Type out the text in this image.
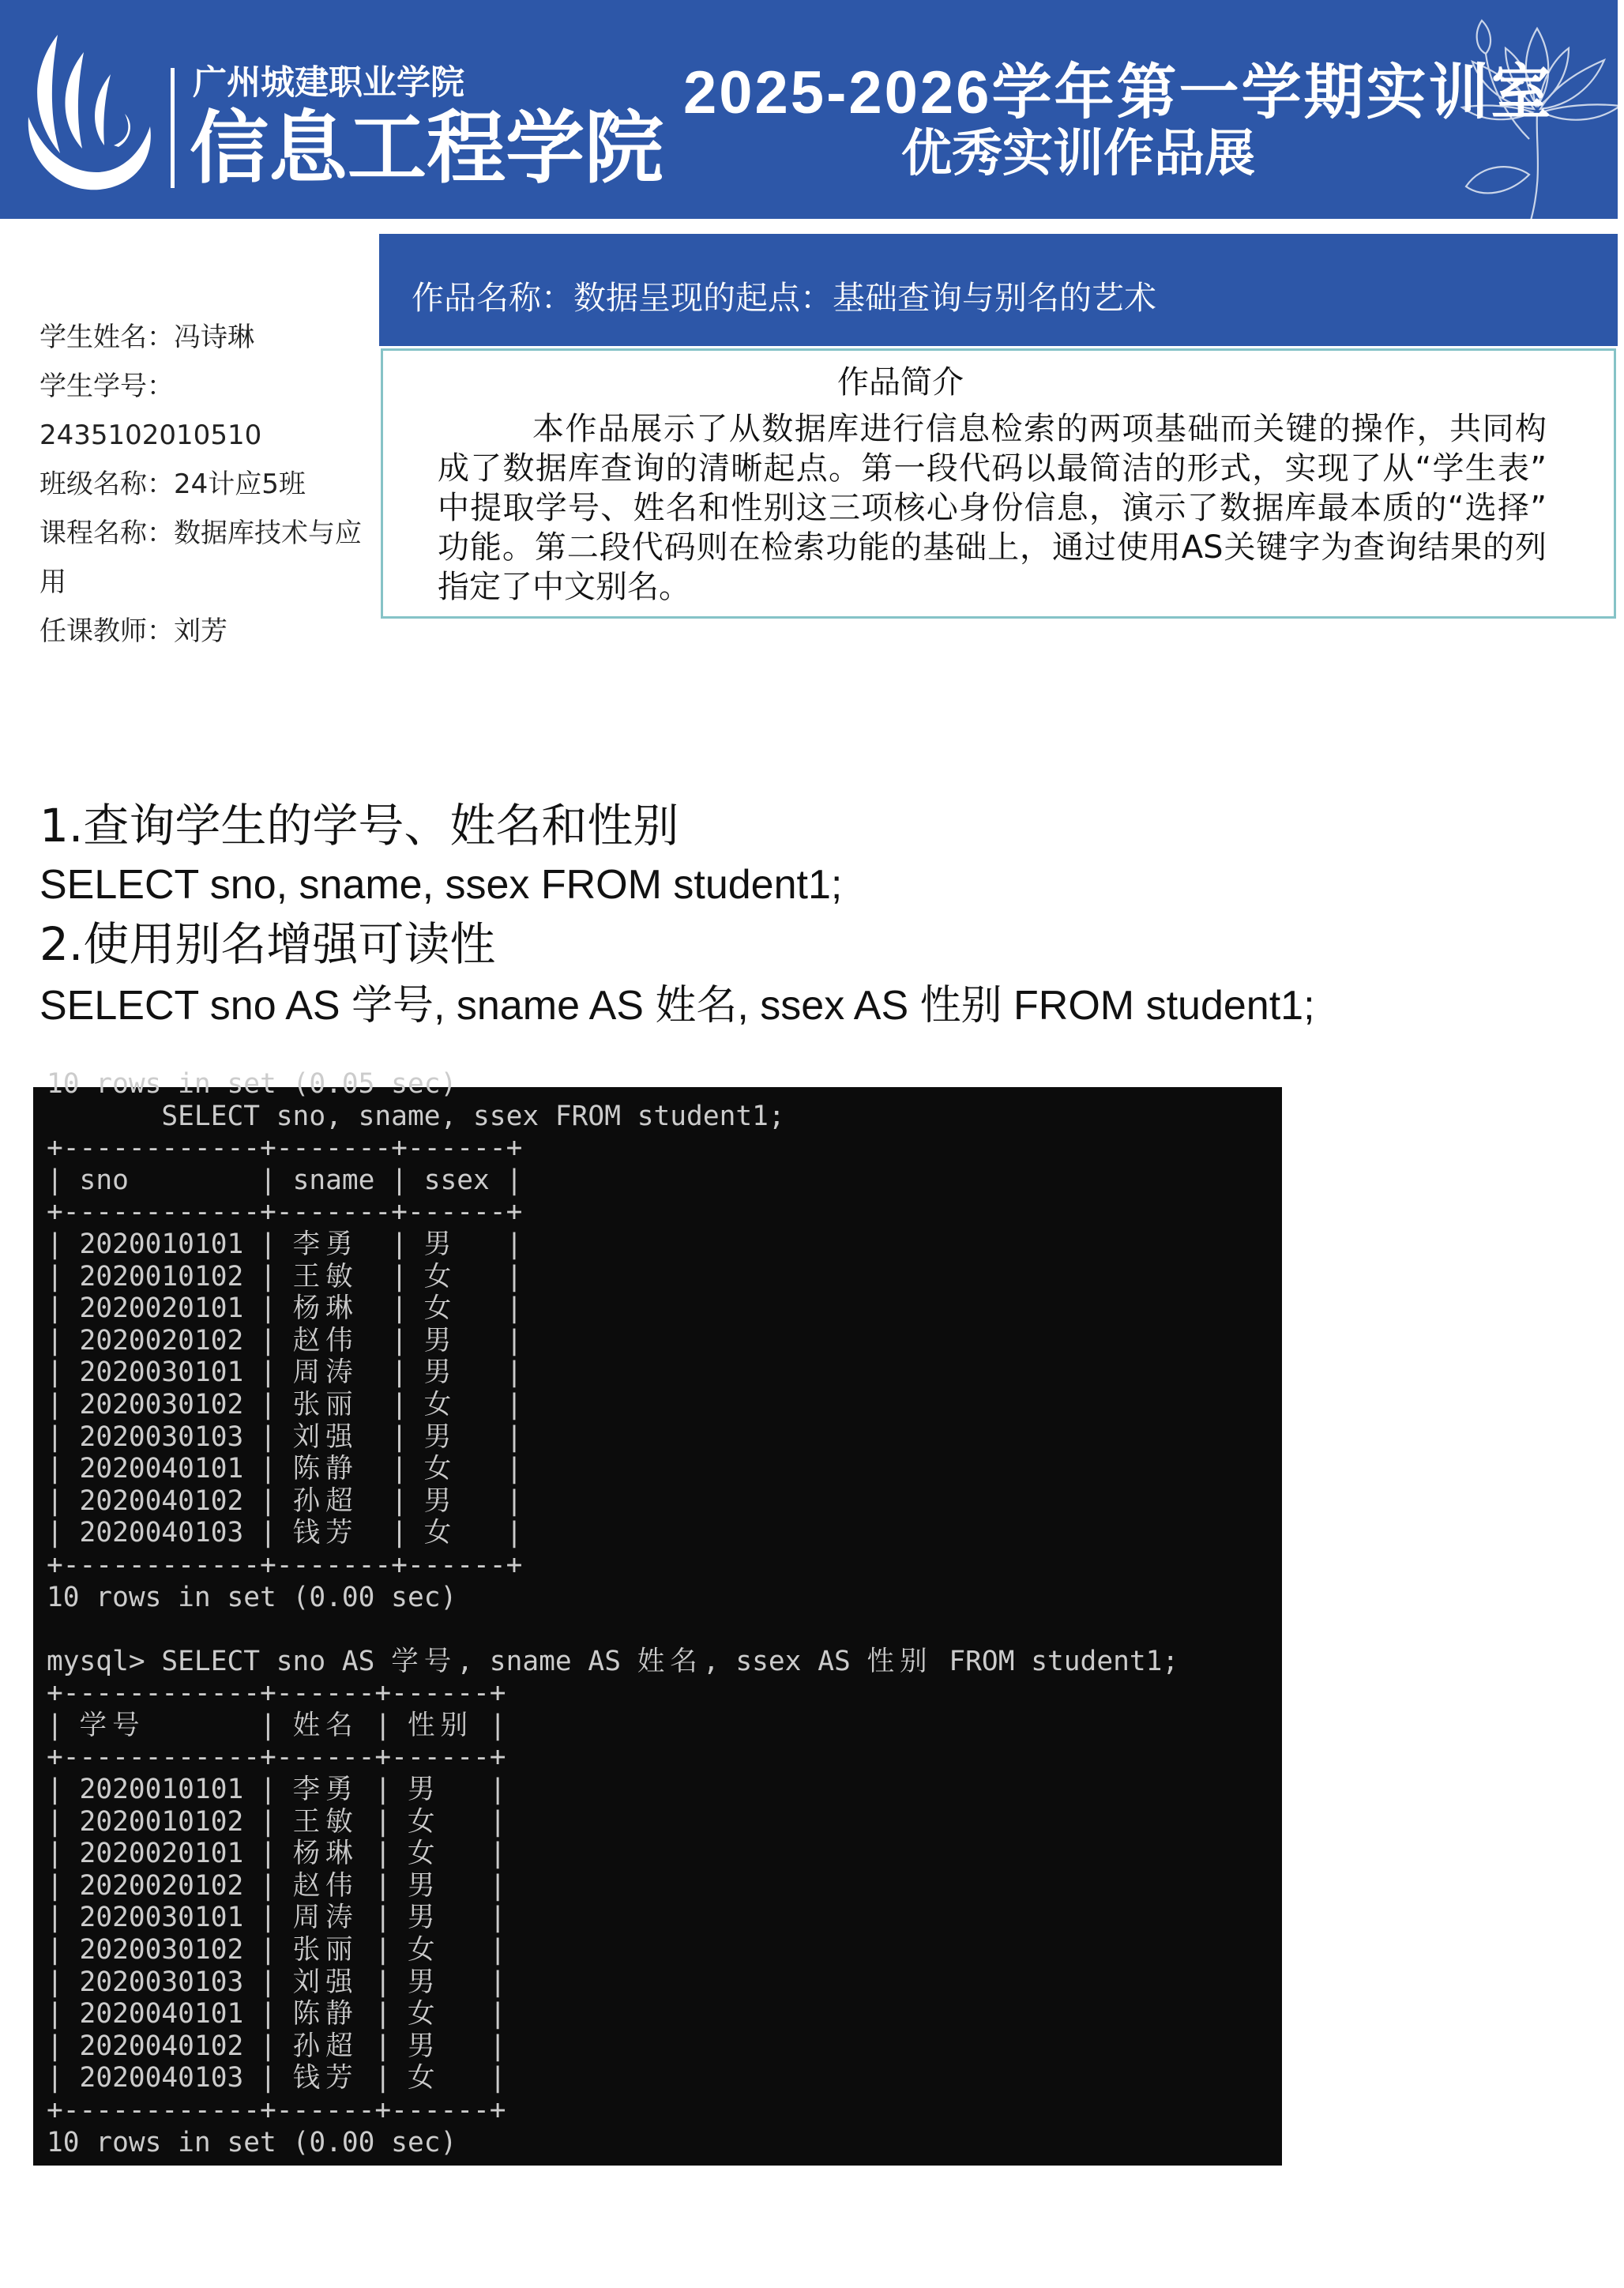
广州城建职业学院
信息工程学院
2025-2026学年第一学期实训室
优秀实训作品展
学生姓名：冯诗琳
学生学号：2435102010510
班级名称：24计应5班
课程名称：数据库技术与应用
任课教师：刘芳
作品名称： 数据呈现的起点：基础查询与别名的艺术
作品简介
本作品展示了从数据库进行信息检索的两项基础而关键的操作，共同构
成了数据库查询的清晰起点。第一段代码以最简洁的形式，实现了从“学生表”
中提取学号、姓名和性别这三项核心身份信息，演示了数据库最本质的“选择”
功能。第二段代码则在检索功能的基础上，通过使用AS关键字为查询结果的列
指定了中文别名。
1.查询学生的学号、姓名和性别
SELECT sno, sname, ssex FROM student1;
2.使用别名增强可读性
SELECT sno AS 学号, sname AS 姓名, ssex AS 性别 FROM student1;
10 rows in set (0.05 sec)
SELECT sno, sname, ssex FROM student1;
+------------+-------+------+
| sno	| sname | ssex |
+------------+-------+------+
| 2020010101 | 李勇 | 男 |
| 2020010102 | 王敏 | 女 |
| 2020020101 | 杨琳 | 女 |
| 2020020102 | 赵伟 | 男 |
| 2020030101 | 周涛 | 男 |
| 2020030102 | 张丽 | 女 |
| 2020030103 | 刘强 | 男 |
| 2020040101 | 陈静 | 女 |
| 2020040102 | 孙超 | 男 |
| 2020040103 | 钱芳 | 女 |
+------------+-------+------+
10 rows in set (0.00 sec)
mysql> SELECT sno AS 学号, sname AS 姓名, ssex AS 性别 FROM student1;
+------------+------+------+
| 学号	| 姓名 | 性别 |
+------------+------+------+
| 2020010101 | 李勇 | 男 |
| 2020010102 | 王敏 | 女 |
| 2020020101 | 杨琳 | 女 |
| 2020020102 | 赵伟 | 男 |
| 2020030101 | 周涛 | 男 |
| 2020030102 | 张丽 | 女 |
| 2020030103 | 刘强 | 男 |
| 2020040101 | 陈静 | 女 |
| 2020040102 | 孙超 | 男 |
| 2020040103 | 钱芳 | 女 |
+------------+------+------+
10 rows in set (0.00 sec)
